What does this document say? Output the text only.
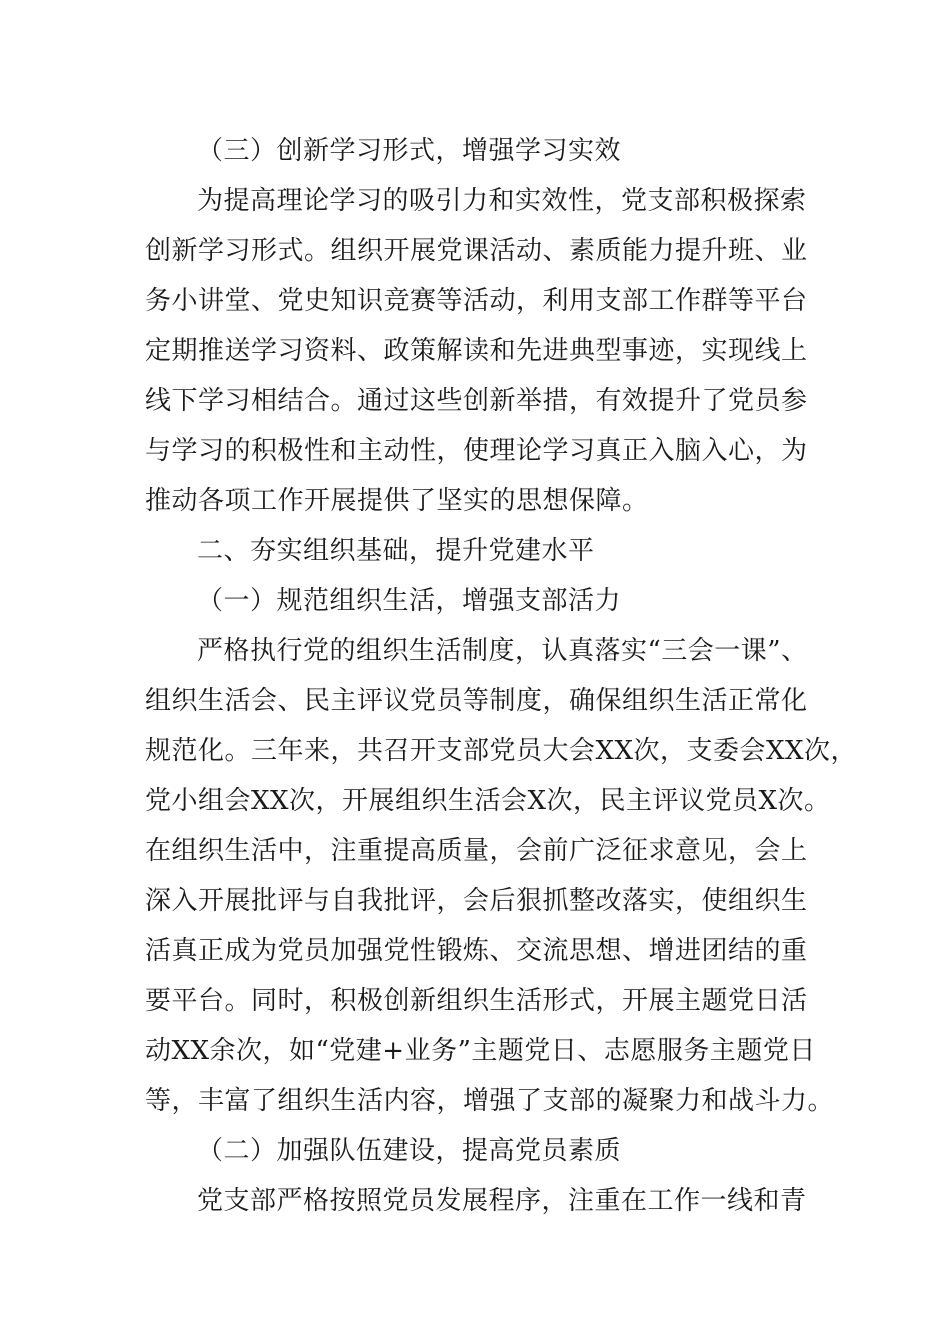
（三）创新学习形式，增强学习实效
为提高理论学习的吸引力和实效性，党支部积极探索
创新学习形式。组织开展党课活动、素质能力提升班、业
务小讲堂、党史知识竞赛等活动，利用支部工作群等平台
定期推送学习资料、政策解读和先进典型事迹，实现线上
线下学习相结合。通过这些创新举措，有效提升了党员参
与学习的积极性和主动性，使理论学习真正入脑入心，为
推动各项工作开展提供了坚实的思想保障。
二、夯实组织基础，提升党建水平
（一）规范组织生活，增强支部活力
严格执行党的组织生活制度，认真落实“三会一课”、
组织生活会、民主评议党员等制度，确保组织生活正常化
规范化。三年来，共召开支部党员大会XX次，支委会XX次，
党小组会XX次，开展组织生活会X次，民主评议党员X次。
在组织生活中，注重提高质量，会前广泛征求意见，会上
深入开展批评与自我批评，会后狠抓整改落实，使组织生
活真正成为党员加强党性锻炼、交流思想、增进团结的重
要平台。同时，积极创新组织生活形式，开展主题党日活
动XX余次，如“党建+业务”主题党日、志愿服务主题党日
等，丰富了组织生活内容，增强了支部的凝聚力和战斗力。
（二）加强队伍建设，提高党员素质
党支部严格按照党员发展程序，注重在工作一线和青
